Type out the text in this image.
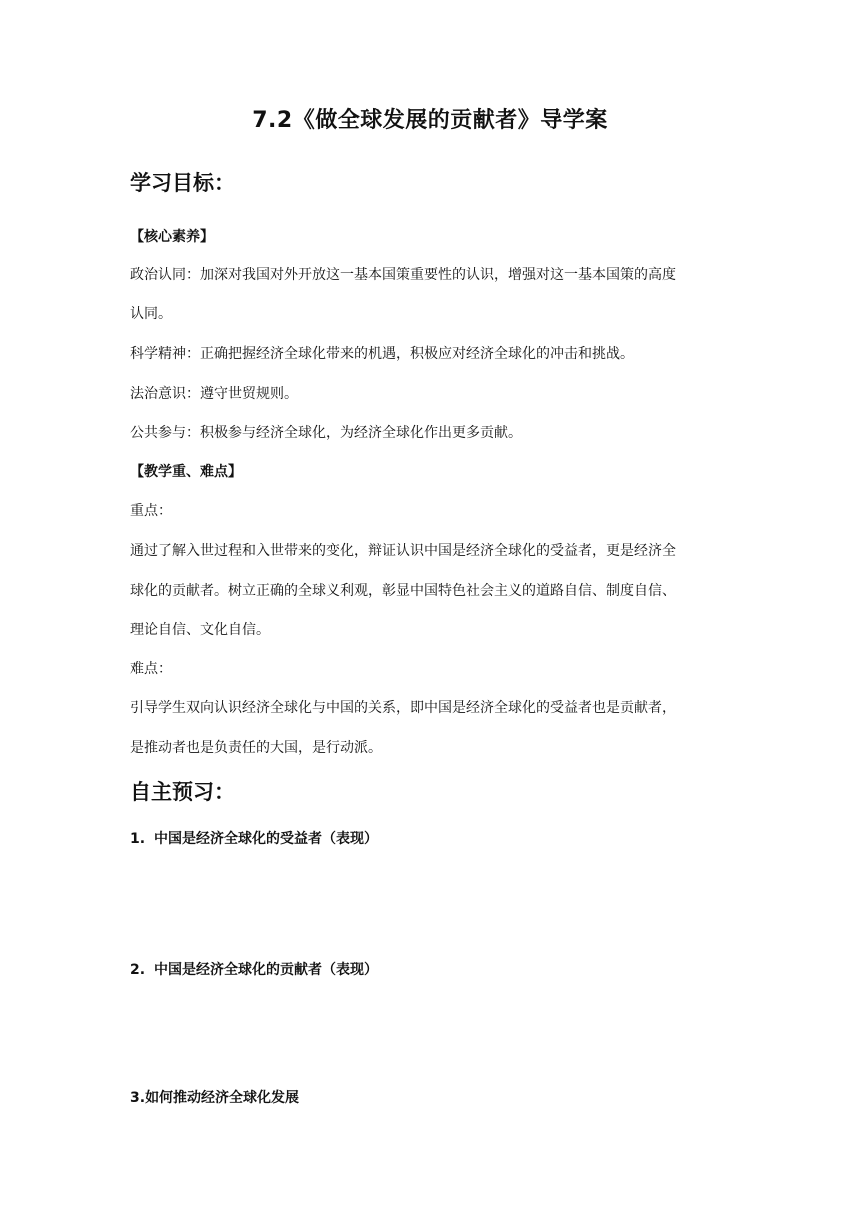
7.2《做全球发展的贡献者》导学案
学习目标：
【核心素养】
政治认同：加深对我国对外开放这一基本国策重要性的认识，增强对这一基本国策的高度
认同。
科学精神：正确把握经济全球化带来的机遇，积极应对经济全球化的冲击和挑战。
法治意识：遵守世贸规则。
公共参与：积极参与经济全球化，为经济全球化作出更多贡献。
【教学重、难点】
重点：
通过了解入世过程和入世带来的变化，辩证认识中国是经济全球化的受益者，更是经济全
球化的贡献者。树立正确的全球义利观，彰显中国特色社会主义的道路自信、制度自信、
理论自信、文化自信。
难点：
引导学生双向认识经济全球化与中国的关系，即中国是经济全球化的受益者也是贡献者，
是推动者也是负责任的大国，是行动派。
自主预习：
1. 中国是经济全球化的受益者（表现）
2. 中国是经济全球化的贡献者（表现）
3.如何推动经济全球化发展
